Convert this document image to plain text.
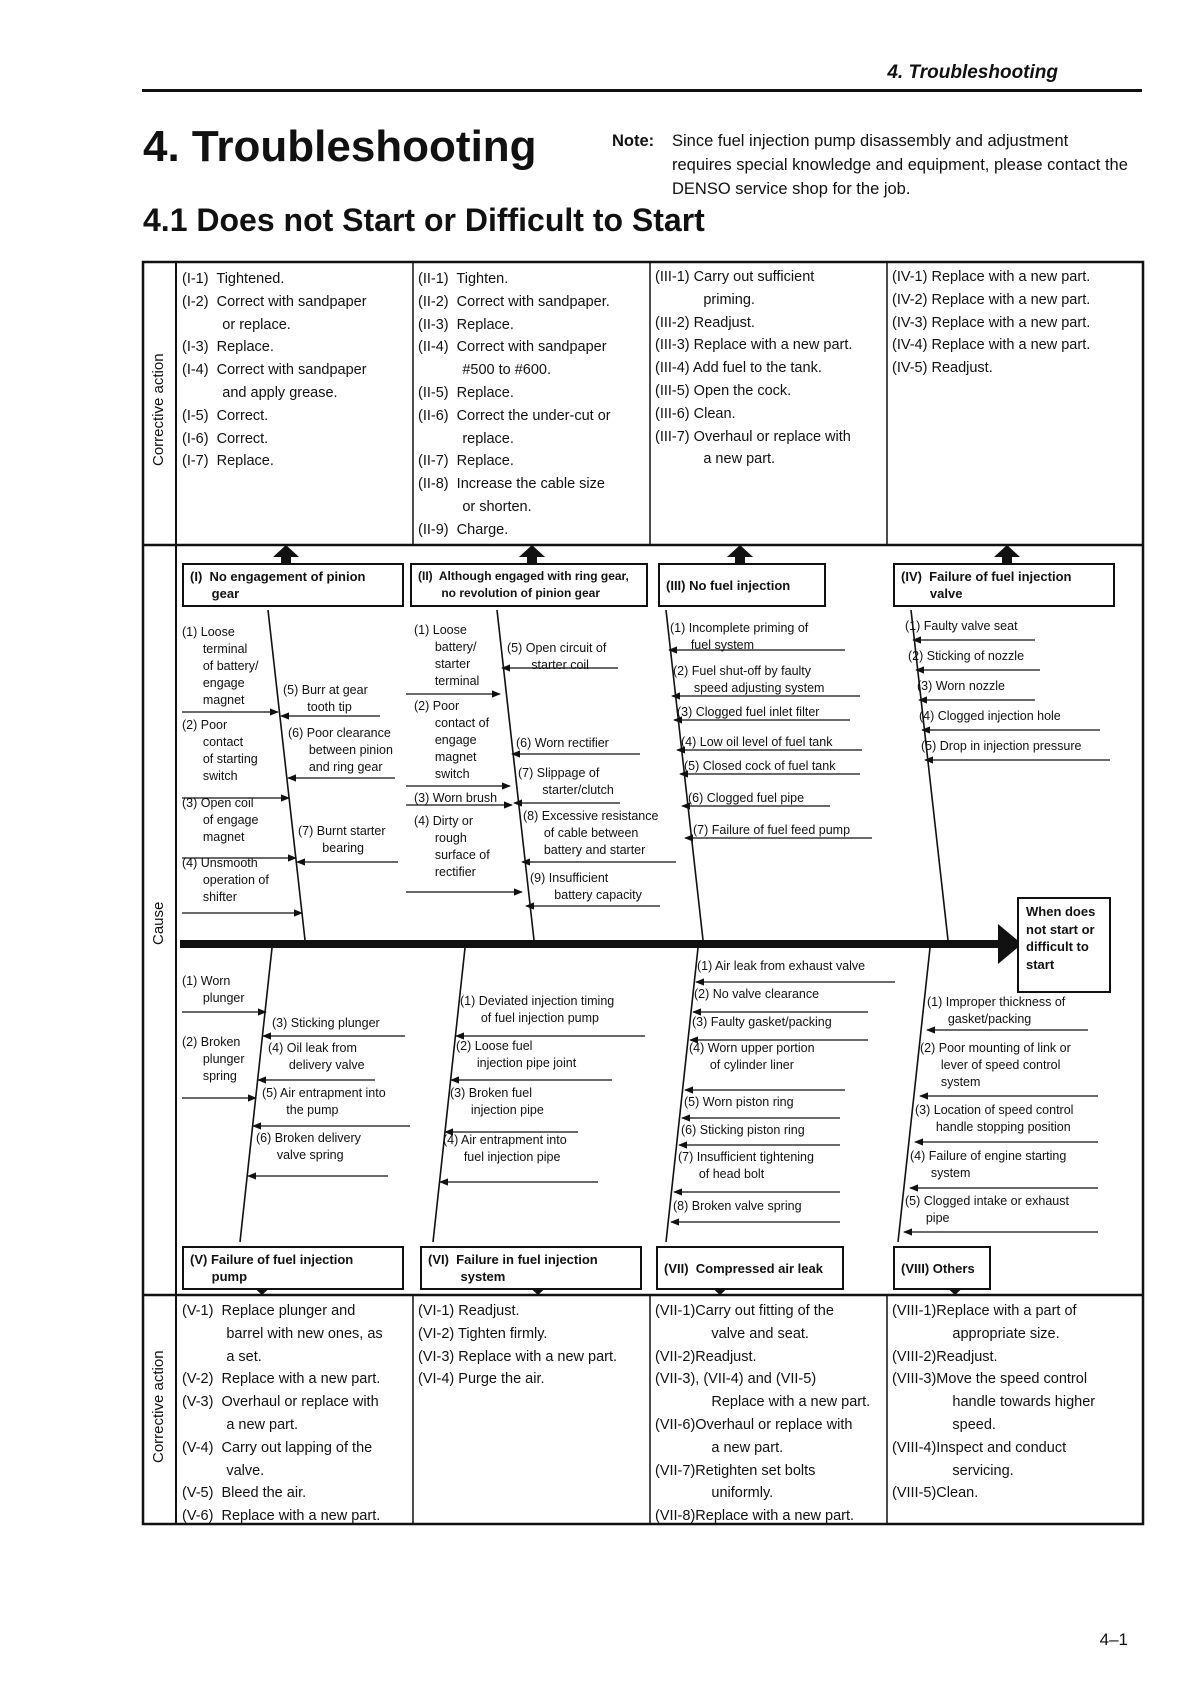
4. Troubleshooting
4. Troubleshooting
4.1 Does not Start or Difficult to Start
Note: Since fuel injection pump disassembly and adjustment requires special knowledge and equipment, please contact the DENSO service shop for the job.
Corrective action
Cause
Corrective action
(I-1)  Tightened.
(I-2)  Correct with sandpaper
or replace.
(I-3)  Replace.
(I-4)  Correct with sandpaper
and apply grease.
(I-5)  Correct.
(I-6)  Correct.
(I-7)  Replace.
(II-1)  Tighten.
(II-2)  Correct with sandpaper.
(II-3)  Replace.
(II-4)  Correct with sandpaper
#500 to #600.
(II-5)  Replace.
(II-6)  Correct the under-cut or
replace.
(II-7)  Replace.
(II-8)  Increase the cable size
or shorten.
(II-9)  Charge.
(III-1) Carry out sufficient
priming.
(III-2) Readjust.
(III-3) Replace with a new part.
(III-4) Add fuel to the tank.
(III-5) Open the cock.
(III-6) Clean.
(III-7) Overhaul or replace with
a new part.
(IV-1) Replace with a new part.
(IV-2) Replace with a new part.
(IV-3) Replace with a new part.
(IV-4) Replace with a new part.
(IV-5) Readjust.
(I)  No engagement of pinion
gear
(II)  Although engaged with ring gear,
no revolution of pinion gear	(III) No fuel injection
(IV)  Failure of fuel injection
valve
(1) Loose
terminal
of battery/
engage
magnet
(2) Poor
contact
of starting
switch
(3) Open coil
of engage
magnet
(4) Unsmooth
operation of
shifter
(5) Burr at gear
tooth tip
(6) Poor clearance
between pinion
and ring gear
(7) Burnt starter
bearing
(1) Loose
battery/
starter
terminal
(2) Poor
contact of
engage
magnet
switch
(3) Worn brush
(4) Dirty or
rough
surface of
rectifier
(5) Open circuit of
starter coil
(6) Worn rectifier
(7) Slippage of
starter/clutch
(8) Excessive resistance
of cable between
battery and starter
(9) Insufficient
battery capacity
(1) Incomplete priming of
fuel system
(2) Fuel shut-off by faulty
speed adjusting system
(3) Clogged fuel inlet filter
(4) Low oil level of fuel tank
(5) Closed cock of fuel tank
(6) Clogged fuel pipe
(7) Failure of fuel feed pump
(1) Faulty valve seat
(2) Sticking of nozzle
(3) Worn nozzle
(4) Clogged injection hole
(5) Drop in injection pressure
When does
not start or
difficult to
start
(1) Worn
plunger
(2) Broken
plunger
spring
(3) Sticking plunger
(4) Oil leak from
delivery valve
(5) Air entrapment into
the pump
(6) Broken delivery
valve spring
(1) Deviated injection timing
of fuel injection pump
(2) Loose fuel
injection pipe joint
(3) Broken fuel
injection pipe
(4) Air entrapment into
fuel injection pipe
(1) Air leak from exhaust valve
(2) No valve clearance
(3) Faulty gasket/packing
(4) Worn upper portion
of cylinder liner
(5) Worn piston ring
(6) Sticking piston ring
(7) Insufficient tightening
of head bolt
(8) Broken valve spring
(1) Improper thickness of
gasket/packing
(2) Poor mounting of link or
lever of speed control
system
(3) Location of speed control
handle stopping position
(4) Failure of engine starting
system
(5) Clogged intake or exhaust
pipe
(V) Failure of fuel injection
pump
(VI)  Failure in fuel injection
system
(VII)  Compressed air leak	(VIII) Others
(V-1)  Replace plunger and
barrel with new ones, as
a set.
(V-2)  Replace with a new part.
(V-3)  Overhaul or replace with
a new part.
(V-4)  Carry out lapping of the
valve.
(V-5)  Bleed the air.
(V-6)  Replace with a new part.
(VI-1) Readjust.
(VI-2) Tighten firmly.
(VI-3) Replace with a new part.
(VI-4) Purge the air.
(VII-1)Carry out fitting of the
valve and seat.
(VII-2)Readjust.
(VII-3), (VII-4) and (VII-5)
Replace with a new part.
(VII-6)Overhaul or replace with
a new part.
(VII-7)Retighten set bolts
uniformly.
(VII-8)Replace with a new part.
(VIII-1)Replace with a part of
appropriate size.
(VIII-2)Readjust.
(VIII-3)Move the speed control
handle towards higher
speed.
(VIII-4)Inspect and conduct
servicing.
(VIII-5)Clean.
4–1
